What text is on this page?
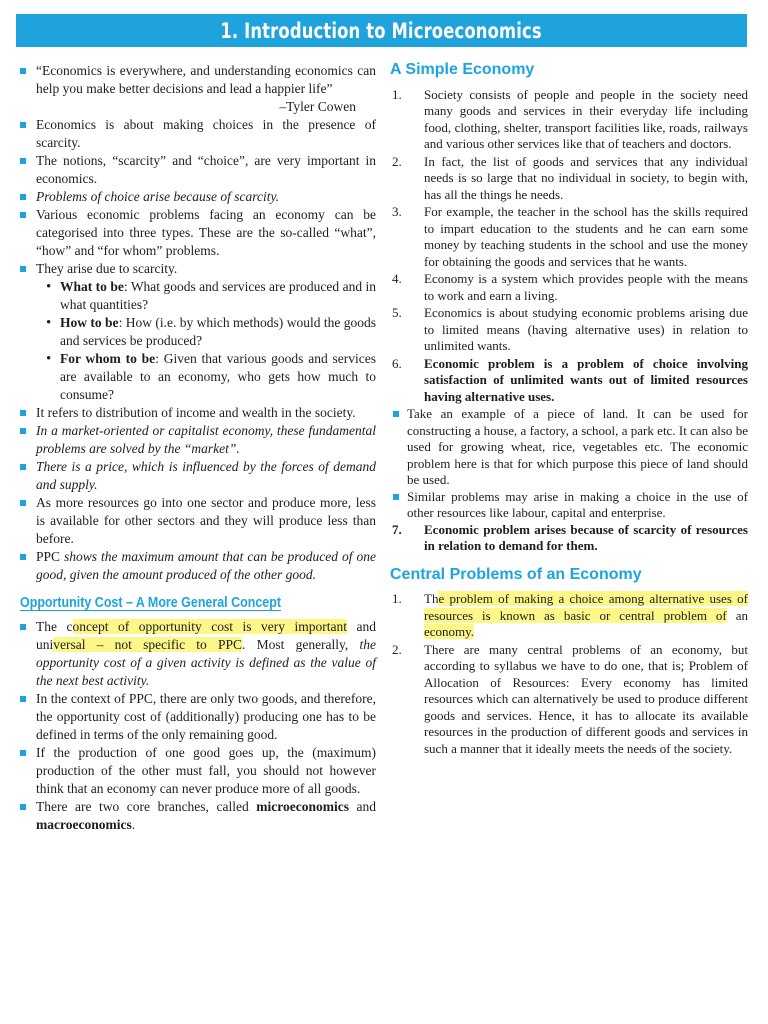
1. Introduction to Microeconomics
“Economics is everywhere, and understanding economics can help you make better decisions and lead a happier life”
–Tyler Cowen
Economics is about making choices in the presence of scarcity.
The notions, “scarcity” and “choice”, are very important in economics.
Problems of choice arise because of scarcity.
Various economic problems facing an economy can be categorised into three types. These are the so-called “what”, “how” and “for whom” problems.
They arise due to scarcity.
• What to be: What goods and services are produced and in what quantities?
• How to be: How (i.e. by which methods) would the goods and services be produced?
• For whom to be: Given that various goods and services are available to an economy, who gets how much to consume?
It refers to distribution of income and wealth in the society.
In a market-oriented or capitalist economy, these fundamental problems are solved by the “market”.
There is a price, which is influenced by the forces of demand and supply.
As more resources go into one sector and produce more, less is available for other sectors and they will produce less than before.
PPC shows the maximum amount that can be produced of one good, given the amount produced of the other good.
Opportunity Cost – A More General Concept
The concept of opportunity cost is very important and universal – not specific to PPC. Most generally, the opportunity cost of a given activity is defined as the value of the next best activity.
In the context of PPC, there are only two goods, and therefore, the opportunity cost of (additionally) producing one has to be defined in terms of the only remaining good.
If the production of one good goes up, the (maximum) production of the other must fall, you should not however think that an economy can never produce more of all goods.
There are two core branches, called microeconomics and macroeconomics.
A Simple Economy
1. Society consists of people and people in the society need many goods and services in their everyday life including food, clothing, shelter, transport facilities like, roads, railways and various other services like that of teachers and doctors.
2. In fact, the list of goods and services that any individual needs is so large that no individual in society, to begin with, has all the things he needs.
3. For example, the teacher in the school has the skills required to impart education to the students and he can earn some money by teaching students in the school and use the money for obtaining the goods and services that he wants.
4. Economy is a system which provides people with the means to work and earn a living.
5. Economics is about studying economic problems arising due to limited means (having alternative uses) in relation to unlimited wants.
6. Economic problem is a problem of choice involving satisfaction of unlimited wants out of limited resources having alternative uses.
Take an example of a piece of land. It can be used for constructing a house, a factory, a school, a park etc. It can also be used for growing wheat, rice, vegetables etc. The economic problem here is that for which purpose this piece of land should be used.
Similar problems may arise in making a choice in the use of other resources like labour, capital and enterprise.
7. Economic problem arises because of scarcity of resources in relation to demand for them.
Central Problems of an Economy
1. The problem of making a choice among alternative uses of resources is known as basic or central problem of an economy.
2. There are many central problems of an economy, but according to syllabus we have to do one, that is; Problem of Allocation of Resources: Every economy has limited resources which can alternatively be used to produce different goods and services. Hence, it has to allocate its available resources in the production of different goods and services in such a manner that it ideally meets the needs of the society.
